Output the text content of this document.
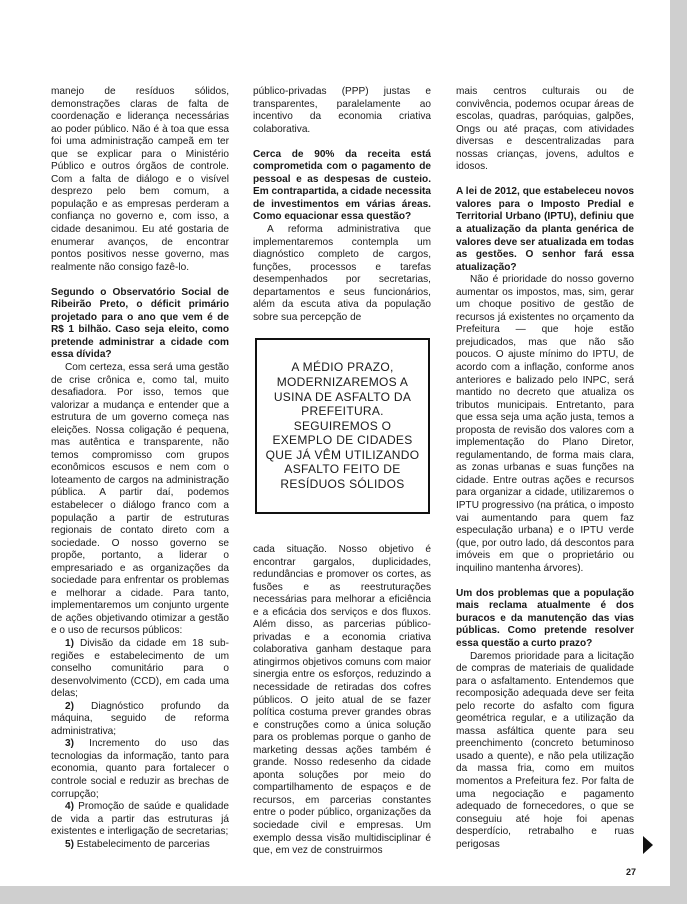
manejo de resíduos sólidos, demonstrações claras de falta de coordenação e liderança necessárias ao poder público. Não é à toa que essa foi uma administração campeã em ter que se explicar para o Ministério Público e outros órgãos de controle. Com a falta de diálogo e o visível desprezo pelo bem comum, a população e as empresas perderam a confiança no governo e, com isso, a cidade desanimou. Eu até gostaria de enumerar avanços, de encontrar pontos positivos nesse governo, mas realmente não consigo fazê-lo.

Segundo o Observatório Social de Ribeirão Preto, o déficit primário projetado para o ano que vem é de R$ 1 bilhão. Caso seja eleito, como pretende administrar a cidade com essa dívida?

Com certeza, essa será uma gestão de crise crônica e, como tal, muito desafiadora. Por isso, temos que valorizar a mudança e entender que a estrutura de um governo começa nas eleições. Nossa coligação é pequena, mas autêntica e transparente, não temos compromisso com grupos econômicos escusos e nem com o loteamento de cargos na administração pública. A partir daí, podemos estabelecer o diálogo franco com a população a partir de estruturas regionais de contato direto com a sociedade. O nosso governo se propõe, portanto, a liderar o empresariado e as organizações da sociedade para enfrentar os problemas e melhorar a cidade. Para tanto, implementaremos um conjunto urgente de ações objetivando otimizar a gestão e o uso de recursos públicos:

1) Divisão da cidade em 18 sub-regiões e estabelecimento de um conselho comunitário para o desenvolvimento (CCD), em cada uma delas;

2) Diagnóstico profundo da máquina, seguido de reforma administrativa;

3) Incremento do uso das tecnologias da informação, tanto para economia, quanto para fortalecer o controle social e reduzir as brechas de corrupção;

4) Promoção de saúde e qualidade de vida a partir das estruturas já existentes e interligação de secretarias;

5) Estabelecimento de parcerias

público-privadas (PPP) justas e transparentes, paralelamente ao incentivo da economia criativa colaborativa.

Cerca de 90% da receita está comprometida com o pagamento de pessoal e as despesas de custeio. Em contrapartida, a cidade necessita de investimentos em várias áreas. Como equacionar essa questão?

A reforma administrativa que implementaremos contempla um diagnóstico completo de cargos, funções, processos e tarefas desempenhados por secretarias, departamentos e seus funcionários, além da escuta ativa da população sobre sua percepção de

A MÉDIO PRAZO, MODERNIZAREMOS A USINA DE ASFALTO DA PREFEITURA. SEGUIREMOS O EXEMPLO DE CIDADES QUE JÁ VÊM UTILIZANDO ASFALTO FEITO DE RESÍDUOS SÓLIDOS

cada situação. Nosso objetivo é encontrar gargalos, duplicidades, redundâncias e promover os cortes, as fusões e as reestruturações necessárias para melhorar a eficiência e a eficácia dos serviços e dos fluxos. Além disso, as parcerias público-privadas e a economia criativa colaborativa ganham destaque para atingirmos objetivos comuns com maior sinergia entre os esforços, reduzindo a necessidade de retiradas dos cofres públicos. O jeito atual de se fazer política costuma prever grandes obras e construções como a única solução para os problemas porque o ganho de marketing dessas ações também é grande. Nosso redesenho da cidade aponta soluções por meio do compartilhamento de espaços e de recursos, em parcerias constantes entre o poder público, organizações da sociedade civil e empresas. Um exemplo dessa visão multidisciplinar é que, em vez de construirmos

mais centros culturais ou de convivência, podemos ocupar áreas de escolas, quadras, paróquias, galpões, Ongs ou até praças, com atividades diversas e descentralizadas para nossas crianças, jovens, adultos e idosos.

A lei de 2012, que estabeleceu novos valores para o Imposto Predial e Territorial Urbano (IPTU), definiu que a atualização da planta genérica de valores deve ser atualizada em todas as gestões. O senhor fará essa atualização?

Não é prioridade do nosso governo aumentar os impostos, mas, sim, gerar um choque positivo de gestão de recursos já existentes no orçamento da Prefeitura — que hoje estão prejudicados, mas que não são poucos. O ajuste mínimo do IPTU, de acordo com a inflação, conforme anos anteriores e balizado pelo INPC, será mantido no decreto que atualiza os tributos municipais. Entretanto, para que essa seja uma ação justa, temos a proposta de revisão dos valores com a implementação do Plano Diretor, regulamentando, de forma mais clara, as zonas urbanas e suas funções na cidade. Entre outras ações e recursos para organizar a cidade, utilizaremos o IPTU progressivo (na prática, o imposto vai aumentando para quem faz especulação urbana) e o IPTU verde (que, por outro lado, dá descontos para imóveis em que o proprietário ou inquilino mantenha árvores).

Um dos problemas que a população mais reclama atualmente é dos buracos e da manutenção das vias públicas. Como pretende resolver essa questão a curto prazo?

Daremos prioridade para a licitação de compras de materiais de qualidade para o asfaltamento. Entendemos que recomposição adequada deve ser feita pelo recorte do asfalto com figura geométrica regular, e a utilização da massa asfáltica quente para seu preenchimento (concreto betuminoso usado a quente), e não pela utilização da massa fria, como em muitos momentos a Prefeitura fez. Por falta de uma negociação e pagamento adequado de fornecedores, o que se conseguiu até hoje foi apenas desperdício, retrabalho e ruas perigosas

27
